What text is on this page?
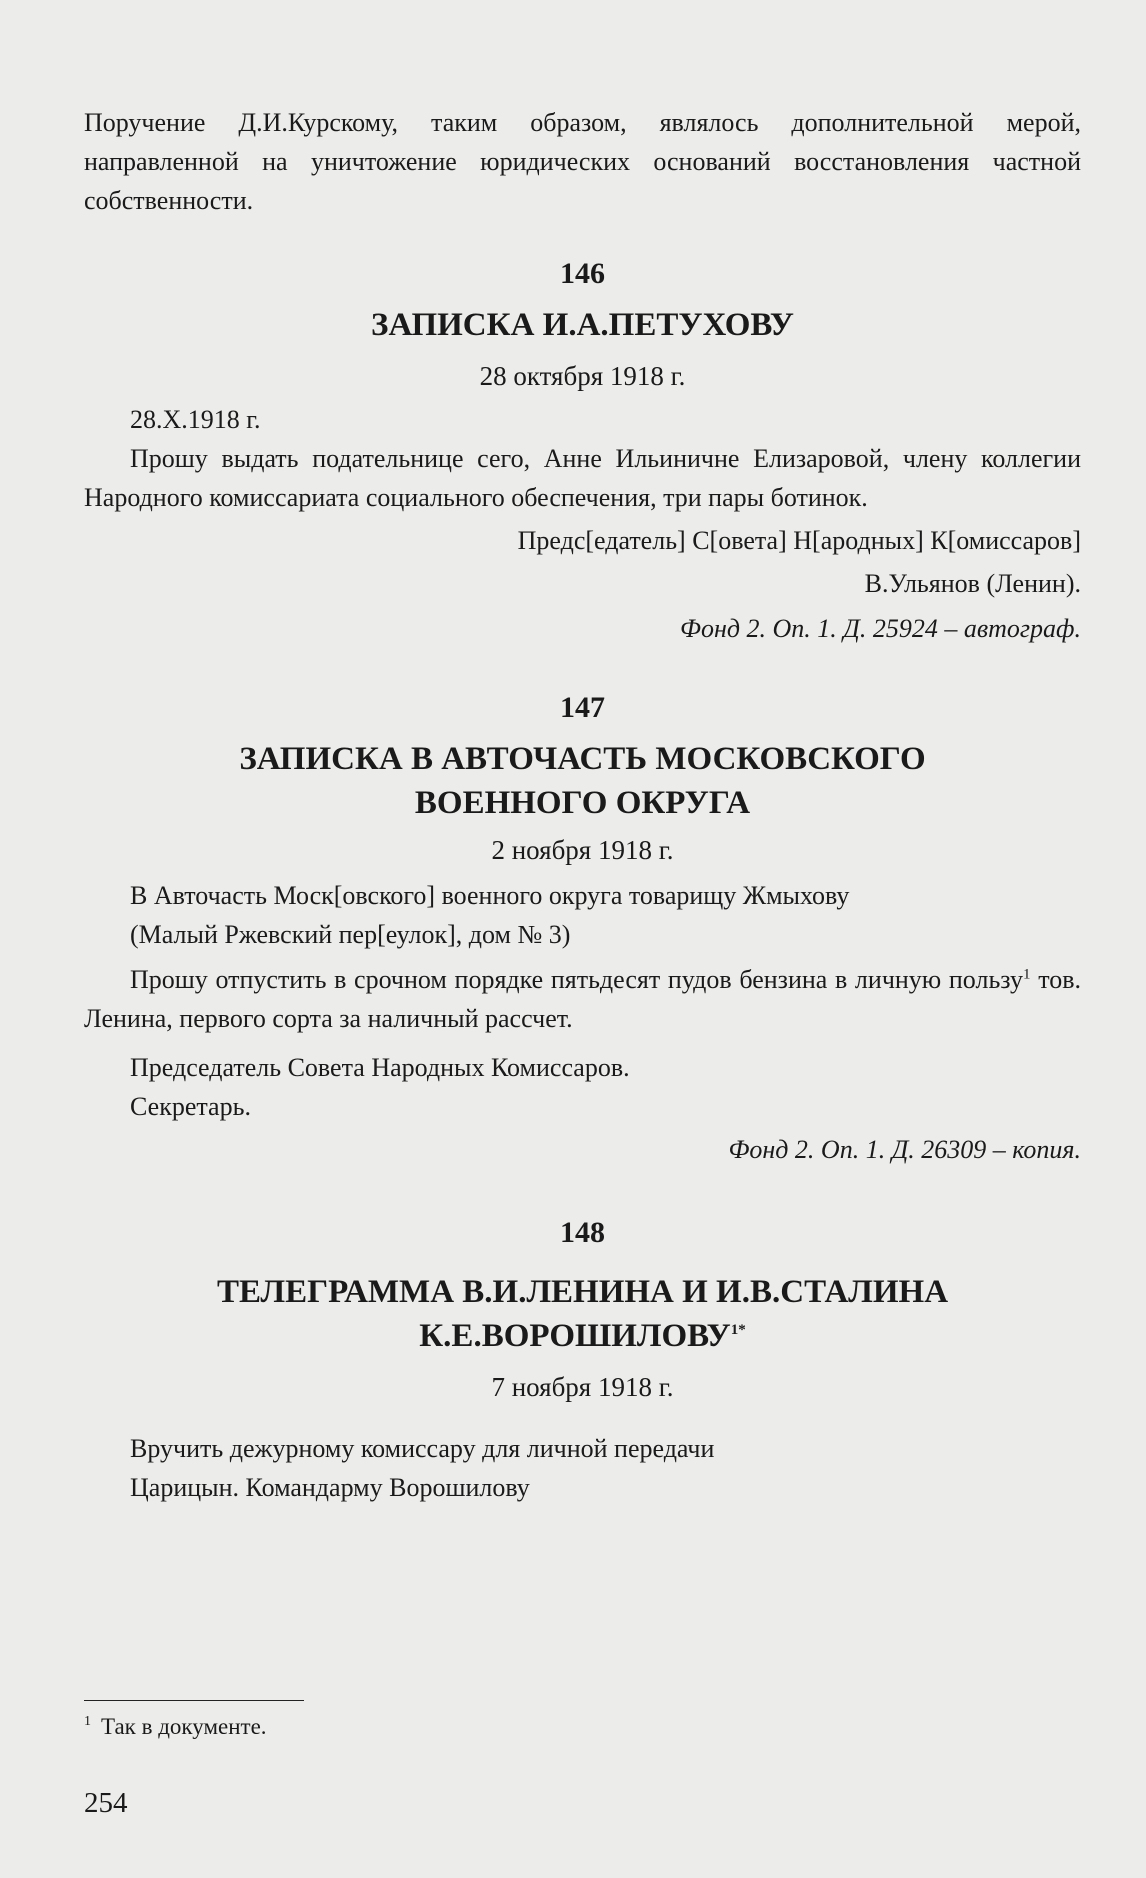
Поручение Д.И.Курскому, таким образом, являлось дополнительной мерой, направленной на уничтожение юридических оснований восстановления частной собственности.

146

ЗАПИСКА И.А.ПЕТУХОВУ

28 октября 1918 г.

28.X.1918 г.

Прошу выдать подательнице сего, Анне Ильиничне Елизаровой, члену коллегии Народного комиссариата социального обеспечения, три пары ботинок.

Предс[едатель] С[овета] Н[ародных] К[омиссаров]

В.Ульянов (Ленин).

Фонд 2. Оп. 1. Д. 25924 – автограф.

147

ЗАПИСКА В АВТОЧАСТЬ МОСКОВСКОГО

ВОЕННОГО ОКРУГА

2 ноября 1918 г.

В Авточасть Моск[овского] военного округа товарищу Жмыхову

(Малый Ржевский пер[еулок], дом № 3)

Прошу отпустить в срочном порядке пятьдесят пудов бензина в личную пользу$^1$ тов. Ленина, первого сорта за наличный рассчет.

Председатель Совета Народных Комиссаров.

Секретарь.

Фонд 2. Оп. 1. Д. 26309 – копия.

148

ТЕЛЕГРАММА В.И.ЛЕНИНА И И.В.СТАЛИНА

$К.Е.ВОРОШИЛОВУ^{1*}$

7 ноября 1918 г.

Вручить дежурному комиссару для личной передачи

Царицын. Командарму Ворошилову

$^1$ Так в документе.
254
